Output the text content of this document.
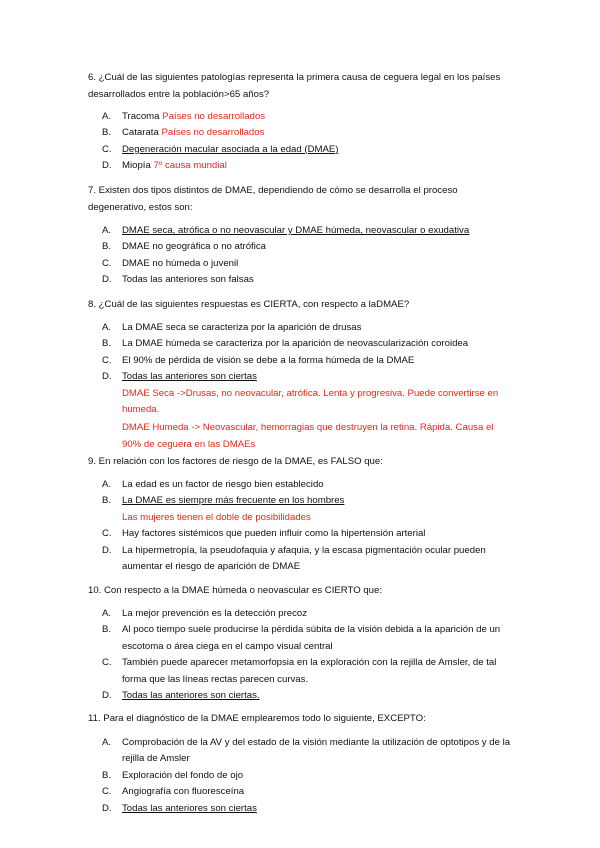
6. ¿Cuál de las siguientes patologías representa la primera causa de ceguera legal en los países desarrollados entre la población>65 años?
A. Tracoma Países no desarrollados
B. Catarata Países no desarrollados
C. Degeneración macular asociada a la edad (DMAE)
D. Miopía 7º causa mundial
7. Existen dos tipos distintos de DMAE, dependiendo de cómo se desarrolla el proceso degenerativo, estos son:
A. DMAE seca, atrófica o no neovascular y DMAE húmeda, neovascular o exudativa
B. DMAE no geográfica o no atrófica
C. DMAE no húmeda o juvenil
D. Todas las anteriores son falsas
8. ¿Cuál de las siguientes respuestas es CIERTA, con respecto a laDMAE?
A. La DMAE seca se caracteriza por la aparición de drusas
B. La DMAE húmeda se caracteriza por la aparición de neovascularización coroidea
C. El 90% de pérdida de visión se debe a la forma húmeda de la DMAE
D. Todas las anteriores son ciertas
DMAE Seca ->Drusas, no neovacular, atrófica. Lenta y progresiva. Puede convertirse en humeda.
DMAE Humeda -> Neovascular, hemorragias que destruyen la retina. Rápida. Causa el 90% de ceguera en las DMAEs
9. En relación con los factores de riesgo de la DMAE, es FALSO que:
A. La edad es un factor de riesgo bien establecido
B. La DMAE es siempre más frecuente en los hombres
Las mujeres tienen el doble de posibilidades
C. Hay factores sistémicos que pueden influir como la hipertensión arterial
D. La hipermetropía, la pseudofaquia y afaquia, y la escasa pigmentación ocular pueden aumentar el riesgo de aparición de DMAE
10. Con respecto a la DMAE húmeda o neovascular es CIERTO que:
A. La mejor prevención es la detección precoz
B. Al poco tiempo suele producirse la pérdida súbita de la visión debida a la aparición de un escotoma o área ciega en el campo visual central
C. También puede aparecer metamorfopsia en la exploración con la rejilla de Amsler, de tal forma que las líneas rectas parecen curvas.
D. Todas las anteriores son ciertas.
11. Para el diagnóstico de la DMAE emplearemos todo lo siguiente, EXCEPTO:
A. Comprobación de la AV y del estado de la visión mediante la utilización de optotipos y de la rejilla de Amsler
B. Exploración del fondo de ojo
C. Angiografía con fluoresceína
D. Todas las anteriores son ciertas
